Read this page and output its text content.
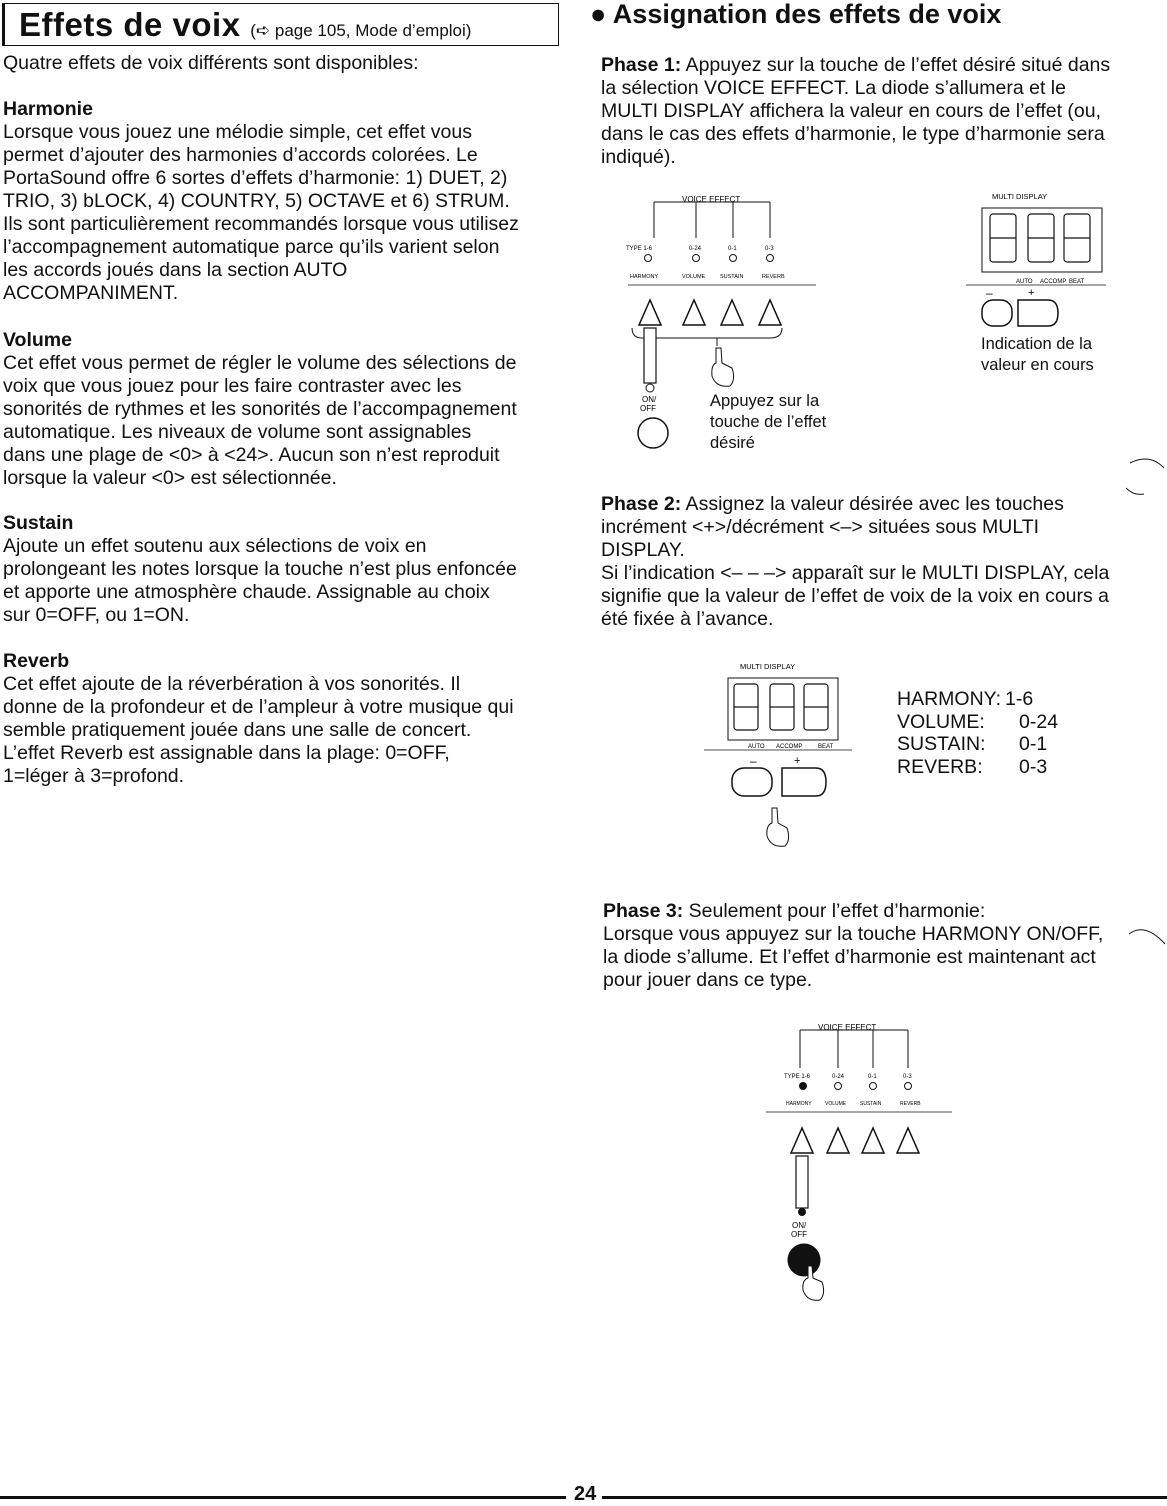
Effets de voix (➪ page 105, Mode d’emploi)
Quatre effets de voix différents sont disponibles:
Harmonie
Lorsque vous jouez une mélodie simple, cet effet vous
permet d’ajouter des harmonies d’accords colorées. Le
PortaSound offre 6 sortes d’effets d’harmonie: 1) DUET, 2)
TRIO, 3) bLOCK, 4) COUNTRY, 5) OCTAVE et 6) STRUM.
Ils sont particulièrement recommandés lorsque vous utilisez
l’accompagnement automatique parce qu’ils varient selon
les accords joués dans la section AUTO
ACCOMPANIMENT.
Volume
Cet effet vous permet de régler le volume des sélections de
voix que vous jouez pour les faire contraster avec les
sonorités de rythmes et les sonorités de l’accompagnement
automatique. Les niveaux de volume sont assignables
dans une plage de <0> à <24>. Aucun son n’est reproduit
lorsque la valeur <0> est sélectionnée.
Sustain
Ajoute un effet soutenu aux sélections de voix en
prolongeant les notes lorsque la touche n’est plus enfoncée
et apporte une atmosphère chaude. Assignable au choix
sur 0=OFF, ou 1=ON.
Reverb
Cet effet ajoute de la réverbération à vos sonorités. Il
donne de la profondeur et de l’ampleur à votre musique qui
semble pratiquement jouée dans une salle de concert.
L’effet Reverb est assignable dans la plage: 0=OFF,
1=léger à 3=profond.
● Assignation des effets de voix
Phase 1: Appuyez sur la touche de l’effet désiré situé dans
la sélection VOICE EFFECT. La diode s’allumera et le
MULTI DISPLAY affichera la valeur en cours de l’effet (ou,
dans le cas des effets d’harmonie, le type d’harmonie sera
indiqué).
VOICE EFFECT
TYPE 1-6	0-24	0-1	0-3
HARMONY	VOLUME	SUSTAIN	REVERB
ON/
OFF	Appuyez sur la
touche de l’effet
désiré
MULTI DISPLAY
AUTO ACCOMP BEAT
–	+
Indication de la
valeur en cours
Phase 2: Assignez la valeur désirée avec les touches
incrément <+>/décrément <–> situées sous MULTI
DISPLAY.
Si l’indication <– – –> apparaît sur le MULTI DISPLAY, cela
signifie que la valeur de l’effet de voix de la voix en cours a
été fixée à l’avance.
MULTI DISPLAY
AUTO ACCOMP	BEAT
–	+
HARMONY:	1-6
VOLUME:	0-24
SUSTAIN:	0-1
REVERB:	0-3
Phase 3: Seulement pour l’effet d’harmonie:
Lorsque vous appuyez sur la touche HARMONY ON/OFF,
la diode s’allume. Et l’effet d’harmonie est maintenant act
pour jouer dans ce type.
VOICE EFFECT
TYPE 1-6	0-24	0-1	0-3
HARMONY	VOLUME	SUSTAIN	REVERB
ON/
OFF
24
